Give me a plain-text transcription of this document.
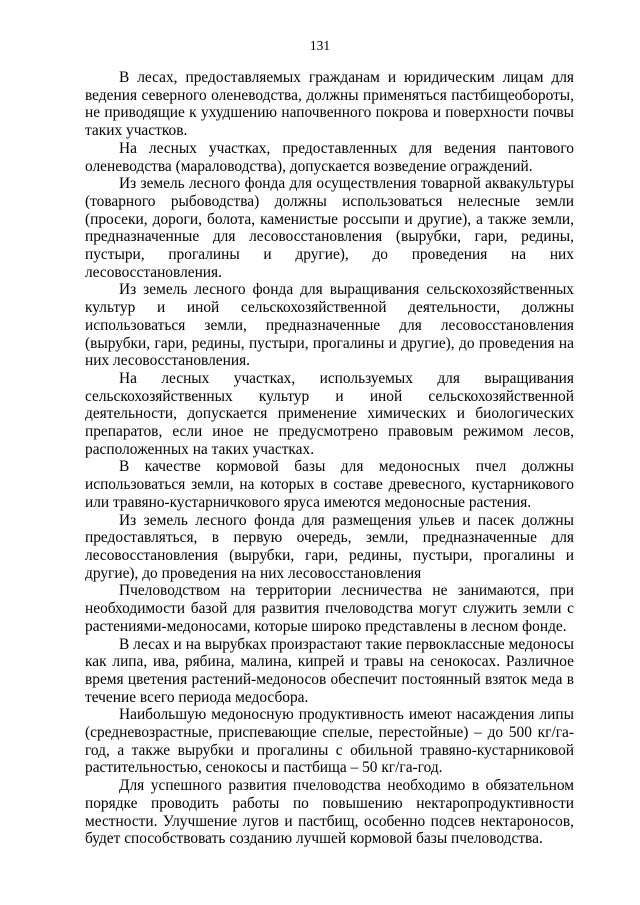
131

В лесах, предоставляемых гражданам и юридическим лицам для ведения северного оленеводства, должны применяться пастбищеобороты, не приводящие к ухудшению напочвенного покрова и поверхности почвы таких участков.

На лесных участках, предоставленных для ведения пантового оленеводства (мараловодства), допускается возведение ограждений.

Из земель лесного фонда для осуществления товарной аквакультуры (товарного рыбоводства) должны использоваться нелесные земли (просеки, дороги, болота, каменистые россыпи и другие), а также земли, предназначенные для лесовосстановления (вырубки, гари, редины, пустыри, прогалины и другие), до проведения на них лесовосстановления.

Из земель лесного фонда для выращивания сельскохозяйственных культур и иной сельскохозяйственной деятельности, должны использоваться земли, предназначенные для лесовосстановления (вырубки, гари, редины, пустыри, прогалины и другие), до проведения на них лесовосстановления.

На лесных участках, используемых для выращивания сельскохозяйственных культур и иной сельскохозяйственной деятельности, допускается применение химических и биологических препаратов, если иное не предусмотрено правовым режимом лесов, расположенных на таких участках.

В качестве кормовой базы для медоносных пчел должны использоваться земли, на которых в составе древесного, кустарникового или травяно-кустарничкового яруса имеются медоносные растения.

Из земель лесного фонда для размещения ульев и пасек должны предоставляться, в первую очередь, земли, предназначенные для лесовосстановления (вырубки, гари, редины, пустыри, прогалины и другие), до проведения на них лесовосстановления

Пчеловодством на территории лесничества не занимаются, при необходимости базой для развития пчеловодства могут служить земли с растениями-медоносами, которые широко представлены в лесном фонде.

В лесах и на вырубках произрастают такие первоклассные медоносы как липа, ива, рябина, малина, кипрей и травы на сенокосах. Различное время цветения растений-медоносов обеспечит постоянный взяток меда в течение всего периода медосбора.

Наибольшую медоносную продуктивность имеют насаждения липы (средневозрастные, приспевающие спелые, перестойные) – до 500 кг/га-год, а также вырубки и прогалины с обильной травяно-кустарниковой растительностью, сенокосы и пастбища – 50 кг/га-год.

Для успешного развития пчеловодства необходимо в обязательном порядке проводить работы по повышению нектаропродуктивности местности. Улучшение лугов и пастбищ, особенно подсев нектароносов, будет способствовать созданию лучшей кормовой базы пчеловодства.
